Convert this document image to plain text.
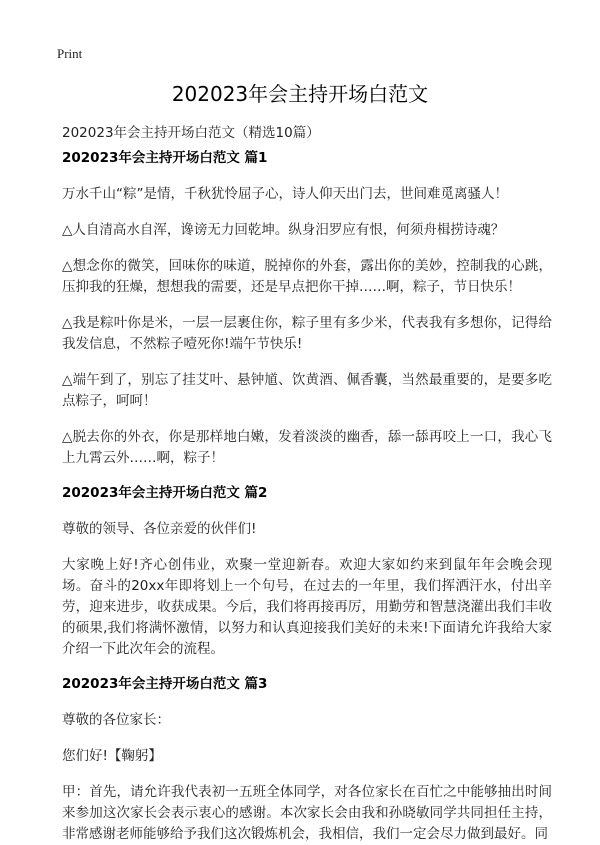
Print
202023年会主持开场白范文
202023年会主持开场白范文（精选10篇）
202023年会主持开场白范文 篇1

万水千山“粽”是情，千秋犹怜屈子心，诗人仰天出门去，世间难觅离骚人！

△人自清高水自浑，谗谤无力回乾坤。纵身汨罗应有恨，何须舟楫捞诗魂？

△想念你的微笑，回味你的味道，脱掉你的外套，露出你的美妙，控制我的心跳，压抑我的狂燥，想想我的需要，还是早点把你干掉……啊，粽子，节日快乐！

△我是粽叶你是米，一层一层裹住你，粽子里有多少米，代表我有多想你，记得给我发信息，不然粽子噎死你!端午节快乐!

△端午到了，别忘了挂艾叶、悬钟馗、饮黄酒、佩香囊，当然最重要的，是要多吃点粽子，呵呵！

△脱去你的外衣，你是那样地白嫩，发着淡淡的幽香，舔一舔再咬上一口，我心飞上九霄云外……啊，粽子！

202023年会主持开场白范文 篇2

尊敬的领导、各位亲爱的伙伴们!

大家晚上好!齐心创伟业，欢聚一堂迎新春。欢迎大家如约来到鼠年年会晚会现场。奋斗的20xx年即将划上一个句号，在过去的一年里，我们挥洒汗水，付出辛劳，迎来进步，收获成果。今后，我们将再接再厉，用勤劳和智慧浇灌出我们丰收的硕果,我们将满怀激情，以努力和认真迎接我们美好的未来!下面请允许我给大家介绍一下此次年会的流程。

202023年会主持开场白范文 篇3

尊敬的各位家长：

您们好!【鞠躬】

甲：首先，请允许我代表初一五班全体同学，对各位家长在百忙之中能够抽出时间来参加这次家长会表示衷心的感谢。本次家长会由我和孙晓敏同学共同担任主持，非常感谢老师能够给予我们这次锻炼机会，我相信，我们一定会尽力做到最好。同
